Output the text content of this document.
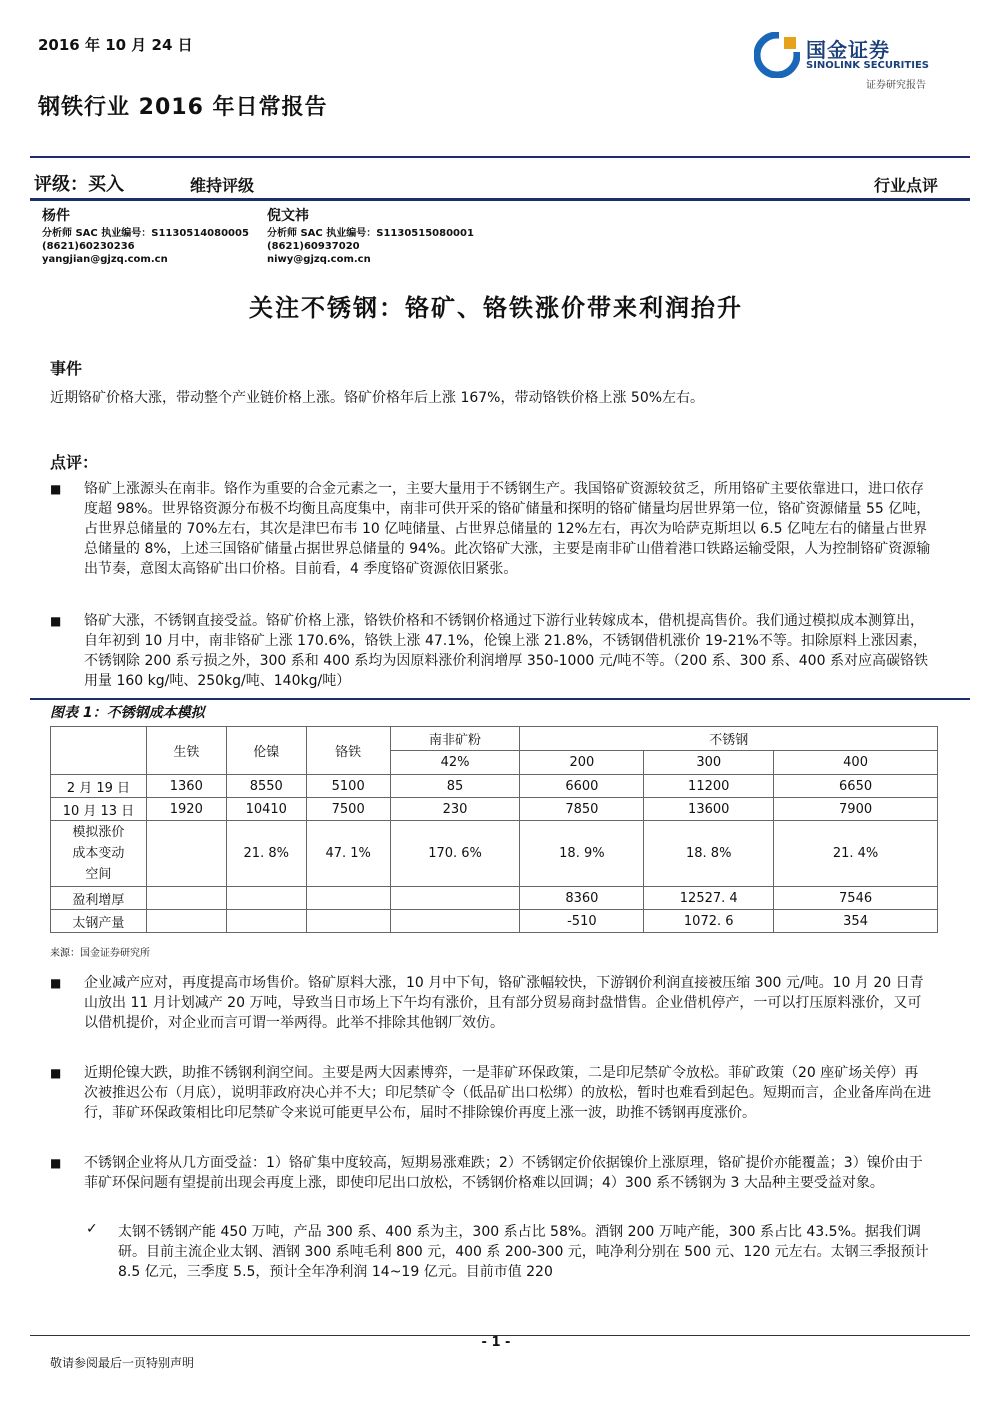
2016 年 10 月 24 日	国金证券
SINOLINK SECURITIES
证券研究报告
钢铁行业 2016 年日常报告
评级：买入	维持评级	行业点评
杨件
分析师 SAC 执业编号：S1130514080005
(8621)60230236
yangjian@gjzq.com.cn
倪文祎
分析师 SAC 执业编号：S1130515080001
(8621)60937020
niwy@gjzq.com.cn
关注不锈钢：铬矿、铬铁涨价带来利润抬升
事件
近期铬矿价格大涨，带动整个产业链价格上涨。铬矿价格年后上涨 167%，带动铬铁价格上涨 50%左右。
点评：
■ 铬矿上涨源头在南非。铬作为重要的合金元素之一，主要大量用于不锈钢生产。我国铬矿资源较贫乏，所用铬矿主要依靠进口，进口依存度超 98%。世界铬资源分布极不均衡且高度集中，南非可供开采的铬矿储量和探明的铬矿储量均居世界第一位，铬矿资源储量 55 亿吨，占世界总储量的 70%左右，其次是津巴布韦 10 亿吨储量、占世界总储量的 12%左右，再次为哈萨克斯坦以 6.5 亿吨左右的储量占世界总储量的 8%，上述三国铬矿储量占据世界总储量的 94%。此次铬矿大涨，主要是南非矿山借着港口铁路运输受限，人为控制铬矿资源输出节奏，意图太高铬矿出口价格。目前看，4 季度铬矿资源依旧紧张。
■ 铬矿大涨，不锈钢直接受益。铬矿价格上涨，铬铁价格和不锈钢价格通过下游行业转嫁成本，借机提高售价。我们通过模拟成本测算出，自年初到 10 月中，南非铬矿上涨 170.6%，铬铁上涨 47.1%，伦镍上涨 21.8%，不锈钢借机涨价 19-21%不等。扣除原料上涨因素，不锈钢除 200 系亏损之外，300 系和 400 系均为因原料涨价利润增厚 350-1000 元/吨不等。（200 系、300 系、400 系对应高碳铬铁用量 160 kg/吨、250kg/吨、140kg/吨）
图表 1：不锈钢成本模拟
	生铁	伦镍	铬铁	南非矿粉	不锈钢		
				42%	200	300	400
2 月 19 日	1360	8550	5100	85	6600	11200	6650
10 月 13 日	1920	10410	7500	230	7850	13600	7900

模拟涨价
成本变动
空间		21. 8%	47. 1%	170. 6%	18. 9%	18. 8%	21. 4%
盈利增厚					8360	12527. 4	7546
太钢产量					-510	1072. 6	354
来源：国金证券研究所
■ 企业减产应对，再度提高市场售价。铬矿原料大涨，10 月中下旬，铬矿涨幅较快，下游钢价利润直接被压缩 300 元/吨。10 月 20 日青山放出 11 月计划减产 20 万吨，导致当日市场上下午均有涨价，且有部分贸易商封盘惜售。企业借机停产，一可以打压原料涨价，又可以借机提价，对企业而言可谓一举两得。此举不排除其他钢厂效仿。
■ 近期伦镍大跌，助推不锈钢利润空间。主要是两大因素博弈，一是菲矿环保政策，二是印尼禁矿令放松。菲矿政策（20 座矿场关停）再次被推迟公布（月底），说明菲政府决心并不大；印尼禁矿令（低品矿出口松绑）的放松，暂时也难看到起色。短期而言，企业备库尚在进行，菲矿环保政策相比印尼禁矿令来说可能更早公布，届时不排除镍价再度上涨一波，助推不锈钢再度涨价。
■ 不锈钢企业将从几方面受益：1）铬矿集中度较高，短期易涨难跌；2）不锈钢定价依据镍价上涨原理，铬矿提价亦能覆盖；3）镍价由于菲矿环保问题有望提前出现会再度上涨，即使印尼出口放松，不锈钢价格难以回调；4）300 系不锈钢为 3 大品种主要受益对象。
✓ 太钢不锈钢产能 450 万吨，产品 300 系、400 系为主，300 系占比 58%。酒钢 200 万吨产能，300 系占比 43.5%。据我们调研。目前主流企业太钢、酒钢 300 系吨毛利 800 元，400 系 200-300 元，吨净利分别在 500 元、120 元左右。太钢三季报预计 8.5 亿元，三季度 5.5，预计全年净利润 14~19 亿元。目前市值 220
- 1 -
敬请参阅最后一页特别声明
